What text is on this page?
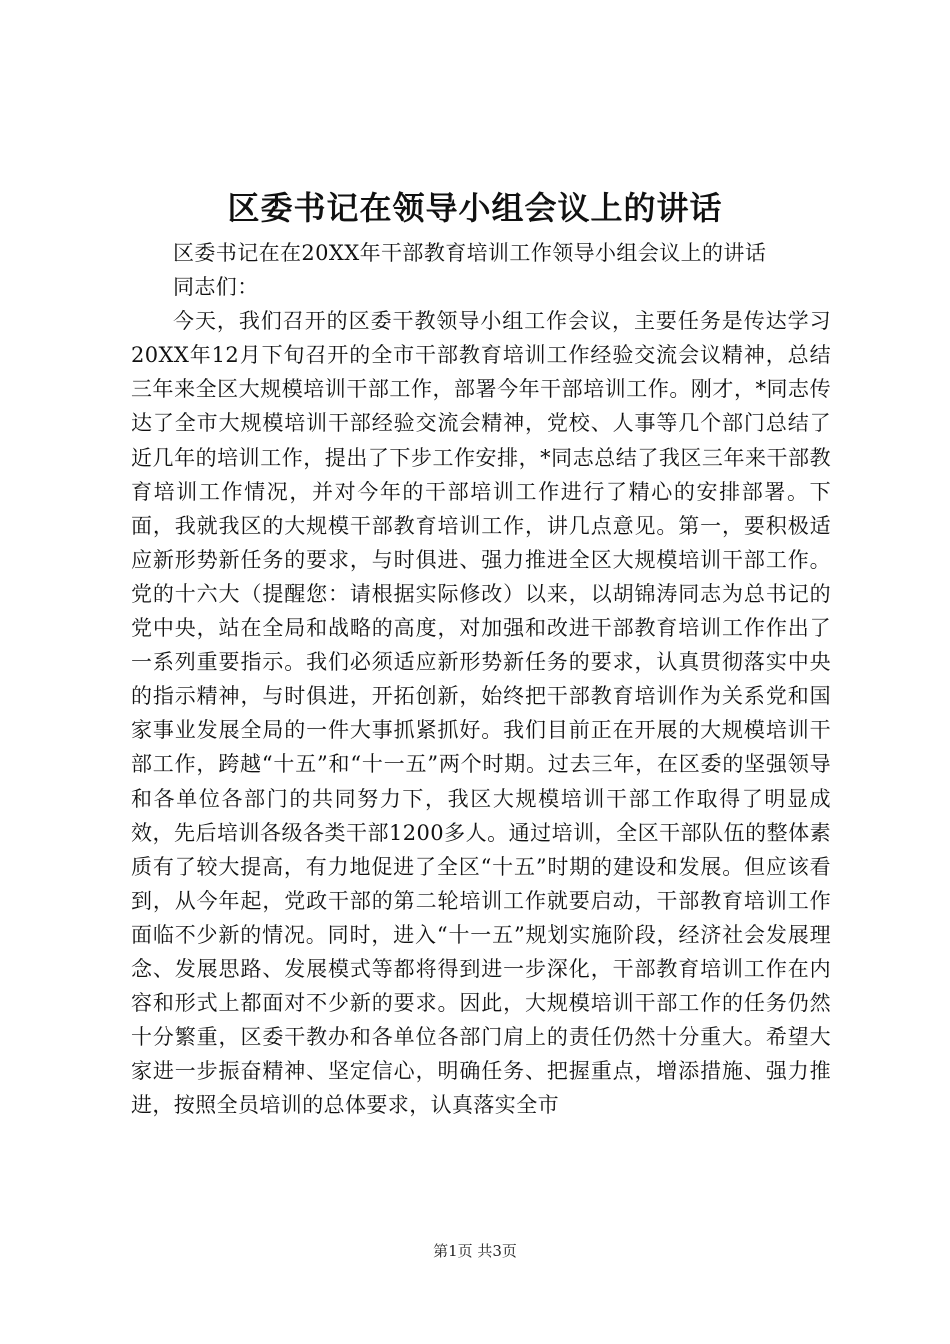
区委书记在领导小组会议上的讲话

区委书记在在20XX年干部教育培训工作领导小组会议上的讲话

同志们：

今天，我们召开的区委干教领导小组工作会议，主要任务是传达学习20XX年12月下旬召开的全市干部教育培训工作经验交流会议精神，总结三年来全区大规模培训干部工作，部署今年干部培训工作。刚才，*同志传达了全市大规模培训干部经验交流会精神，党校、人事等几个部门总结了近几年的培训工作，提出了下步工作安排，*同志总结了我区三年来干部教育培训工作情况，并对今年的干部培训工作进行了精心的安排部署。下面，我就我区的大规模干部教育培训工作，讲几点意见。第一，要积极适应新形势新任务的要求，与时俱进、强力推进全区大规模培训干部工作。党的十六大（提醒您：请根据实际修改）以来，以胡锦涛同志为总书记的党中央，站在全局和战略的高度，对加强和改进干部教育培训工作作出了一系列重要指示。我们必须适应新形势新任务的要求，认真贯彻落实中央的指示精神，与时俱进，开拓创新，始终把干部教育培训作为关系党和国家事业发展全局的一件大事抓紧抓好。我们目前正在开展的大规模培训干部工作，跨越“十五”和“十一五”两个时期。过去三年，在区委的坚强领导和各单位各部门的共同努力下，我区大规模培训干部工作取得了明显成效，先后培训各级各类干部1200多人。通过培训，全区干部队伍的整体素质有了较大提高，有力地促进了全区“十五”时期的建设和发展。但应该看到，从今年起，党政干部的第二轮培训工作就要启动，干部教育培训工作面临不少新的情况。同时，进入“十一五”规划实施阶段，经济社会发展理念、发展思路、发展模式等都将得到进一步深化，干部教育培训工作在内容和形式上都面对不少新的要求。因此，大规模培训干部工作的任务仍然十分繁重，区委干教办和各单位各部门肩上的责任仍然十分重大。希望大家进一步振奋精神、坚定信心，明确任务、把握重点，增添措施、强力推进，按照全员培训的总体要求，认真落实全市

第1页 共3页
